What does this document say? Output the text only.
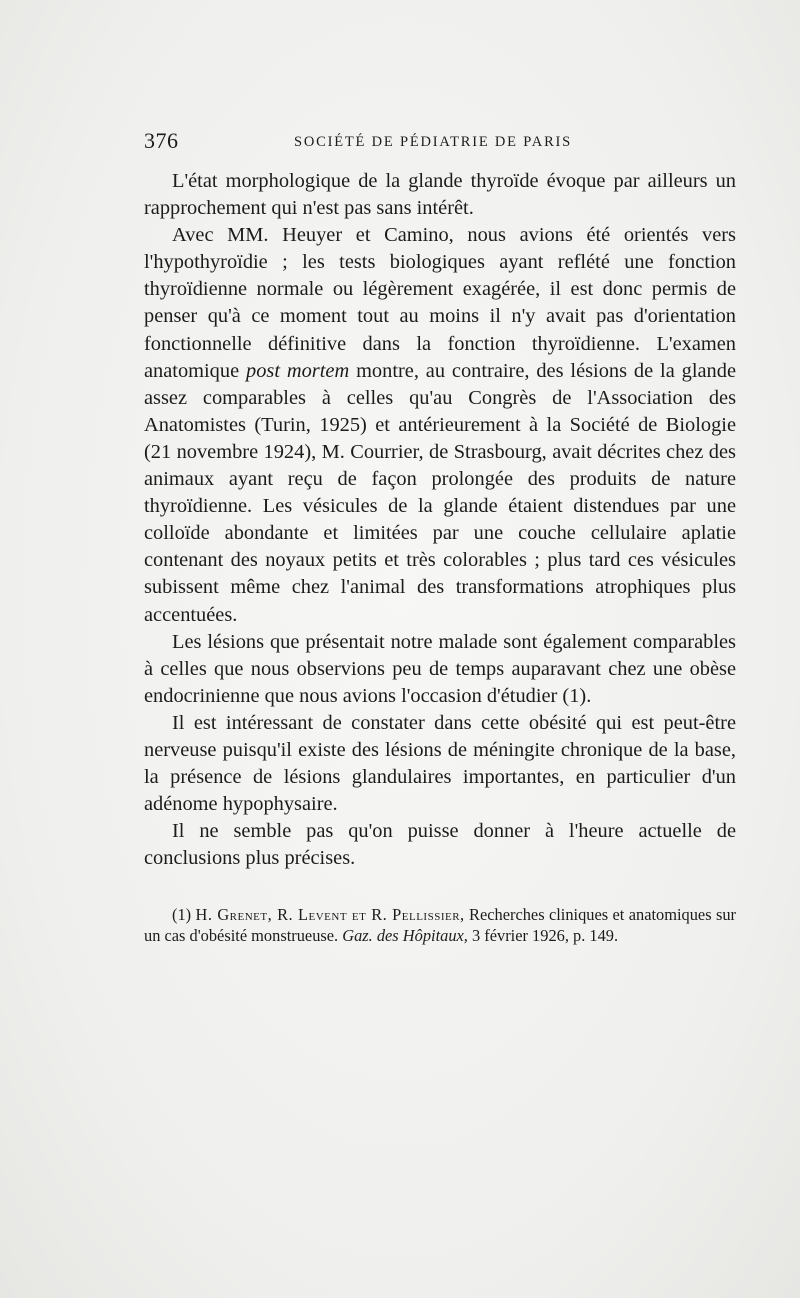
376	SOCIÉTÉ DE PÉDIATRIE DE PARIS

L'état morphologique de la glande thyroïde évoque par ailleurs un rapprochement qui n'est pas sans intérêt.

Avec MM. Heuyer et Camino, nous avions été orientés vers l'hypothyroïdie ; les tests biologiques ayant reflété une fonction thyroïdienne normale ou légèrement exagérée, il est donc permis de penser qu'à ce moment tout au moins il n'y avait pas d'orientation fonctionnelle définitive dans la fonction thyroïdienne. L'examen anatomique post mortem montre, au contraire, des lésions de la glande assez comparables à celles qu'au Congrès de l'Association des Anatomistes (Turin, 1925) et antérieurement à la Société de Biologie (21 novembre 1924), M. Courrier, de Strasbourg, avait décrites chez des animaux ayant reçu de façon prolongée des produits de nature thyroïdienne. Les vésicules de la glande étaient distendues par une colloïde abondante et limitées par une couche cellulaire aplatie contenant des noyaux petits et très colorables ; plus tard ces vésicules subissent même chez l'animal des transformations atrophiques plus accentuées.

Les lésions que présentait notre malade sont également comparables à celles que nous observions peu de temps auparavant chez une obèse endocrinienne que nous avions l'occasion d'étudier (1).

Il est intéressant de constater dans cette obésité qui est peut-être nerveuse puisqu'il existe des lésions de méningite chronique de la base, la présence de lésions glandulaires importantes, en particulier d'un adénome hypophysaire.

Il ne semble pas qu'on puisse donner à l'heure actuelle de conclusions plus précises.

(1) H. Grenet, R. Levent et R. Pellissier, Recherches cliniques et anatomiques sur un cas d'obésité monstrueuse. Gaz. des Hôpitaux, 3 février 1926, p. 149.
